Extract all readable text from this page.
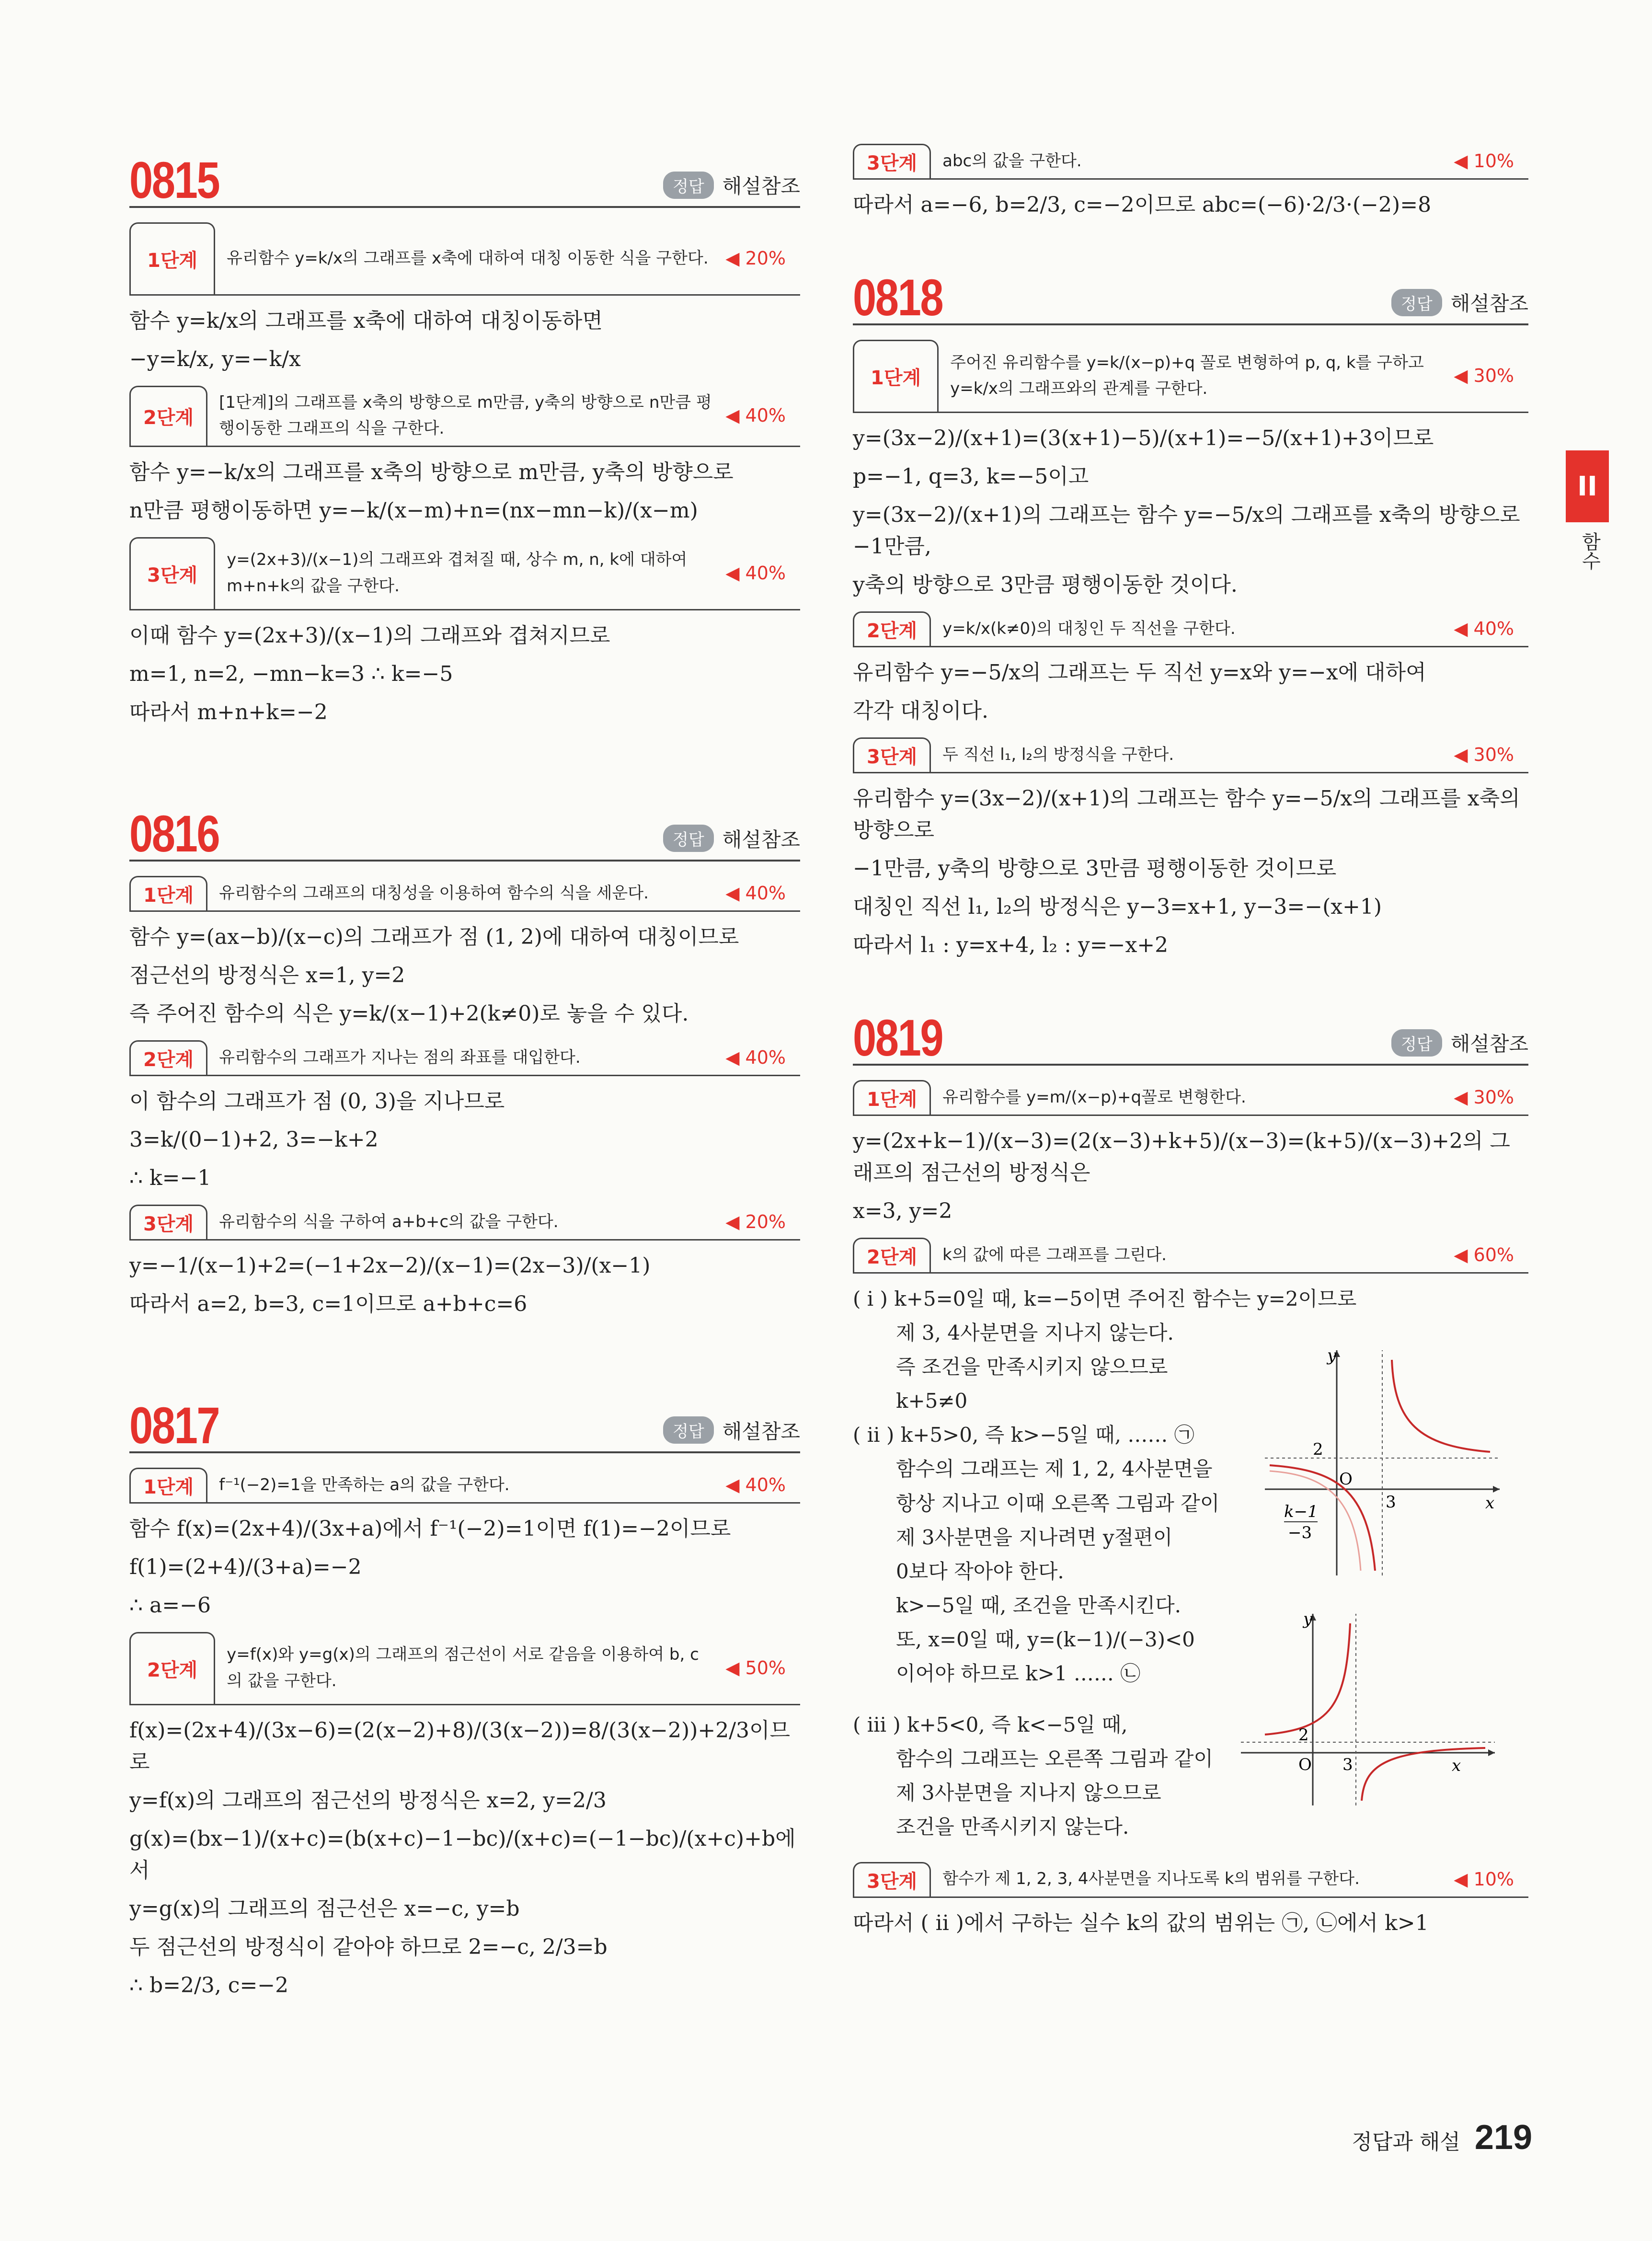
II
함수
0815	정답 해설참조
1단계	유리함수 y=k/x의 그래프를 x축에 대하여 대칭 이동한 식을 구한다. ◀ 20%
함수 y=k/x의 그래프를 x축에 대하여 대칭이동하면
−y=k/x, y=−k/x
2단계
[1단계]의 그래프를 x축의 방향으로 m만큼, y축의 방향으로 n만큼 평행이동한 그래프의 식을 구한다.
◀ 40%
함수 y=−k/x의 그래프를 x축의 방향으로 m만큼, y축의 방향으로
n만큼 평행이동하면 y=−k/(x−m)+n=(nx−mn−k)/(x−m)
3단계
y=(2x+3)/(x−1)의 그래프와 겹쳐질 때, 상수 m, n, k에 대하여 m+n+k의 값을 구한다.
◀ 40%
이때 함수 y=(2x+3)/(x−1)의 그래프와 겹쳐지므로
m=1, n=2, −mn−k=3 ∴ k=−5
따라서 m+n+k=−2
0816	정답 해설참조
1단계	유리함수의 그래프의 대칭성을 이용하여 함수의 식을 세운다.	◀ 40%
함수 y=(ax−b)/(x−c)의 그래프가 점 (1, 2)에 대하여 대칭이므로
점근선의 방정식은 x=1, y=2
즉 주어진 함수의 식은 y=k/(x−1)+2(k≠0)로 놓을 수 있다.
2단계	유리함수의 그래프가 지나는 점의 좌표를 대입한다.	◀ 40%
이 함수의 그래프가 점 (0, 3)을 지나므로
3=k/(0−1)+2, 3=−k+2
∴ k=−1
3단계	유리함수의 식을 구하여 a+b+c의 값을 구한다.	◀ 20%
y=−1/(x−1)+2=(−1+2x−2)/(x−1)=(2x−3)/(x−1)
따라서 a=2, b=3, c=1이므로 a+b+c=6
0817	정답 해설참조
1단계	f⁻¹(−2)=1을 만족하는 a의 값을 구한다.	◀ 40%
함수 f(x)=(2x+4)/(3x+a)에서 f⁻¹(−2)=1이면 f(1)=−2이므로
f(1)=(2+4)/(3+a)=−2
∴ a=−6
2단계
y=f(x)와 y=g(x)의 그래프의 점근선이 서로 같음을 이용하여 b, c의 값을 구한다.
◀ 50%
f(x)=(2x+4)/(3x−6)=(2(x−2)+8)/(3(x−2))=8/(3(x−2))+2/3이므로
y=f(x)의 그래프의 점근선의 방정식은 x=2, y=2/3
g(x)=(bx−1)/(x+c)=(b(x+c)−1−bc)/(x+c)=(−1−bc)/(x+c)+b에서
y=g(x)의 그래프의 점근선은 x=−c, y=b
두 점근선의 방정식이 같아야 하므로 2=−c, 2/3=b
∴ b=2/3, c=−2
3단계	abc의 값을 구한다.	◀ 10%
따라서 a=−6, b=2/3, c=−2이므로 abc=(−6)·2/3·(−2)=8
0818	정답 해설참조
1단계
주어진 유리함수를 y=k/(x−p)+q 꼴로 변형하여 p, q, k를 구하고 y=k/x의 그래프와의 관계를 구한다.
◀ 30%
y=(3x−2)/(x+1)=(3(x+1)−5)/(x+1)=−5/(x+1)+3이므로
p=−1, q=3, k=−5이고
y=(3x−2)/(x+1)의 그래프는 함수 y=−5/x의 그래프를 x축의 방향으로 −1만큼,
y축의 방향으로 3만큼 평행이동한 것이다.
2단계	y=k/x(k≠0)의 대칭인 두 직선을 구한다.	◀ 40%
유리함수 y=−5/x의 그래프는 두 직선 y=x와 y=−x에 대하여
각각 대칭이다.
3단계	두 직선 l₁, l₂의 방정식을 구한다.	◀ 30%
유리함수 y=(3x−2)/(x+1)의 그래프는 함수 y=−5/x의 그래프를 x축의 방향으로
−1만큼, y축의 방향으로 3만큼 평행이동한 것이므로
대칭인 직선 l₁, l₂의 방정식은 y−3=x+1, y−3=−(x+1)
따라서 l₁ : y=x+4, l₂ : y=−x+2
0819	정답 해설참조
1단계	유리함수를 y=m/(x−p)+q꼴로 변형한다.	◀ 30%
y=(2x+k−1)/(x−3)=(2(x−3)+k+5)/(x−3)=(k+5)/(x−3)+2의 그래프의 점근선의 방정식은
x=3, y=2
2단계	k의 값에 따른 그래프를 그린다.	◀ 60%
( i ) k+5=0일 때, k=−5이면 주어진 함수는 y=2이므로
제 3, 4사분면을 지나지 않는다.
즉 조건을 만족시키지 않으므로
k+5≠0
( ii ) k+5>0, 즉 k>−5일 때, …… ㉠
함수의 그래프는 제 1, 2, 4사분면을
항상 지나고 이때 오른쪽 그림과 같이
제 3사분면을 지나려면 y절편이
0보다 작아야 한다.
k>−5일 때, 조건을 만족시킨다.
또, x=0일 때, y=(k−1)/(−3)<0
이어야 하므로 k>1 …… ㉡
( iii ) k+5<0, 즉 k<−5일 때,
함수의 그래프는 오른쪽 그림과 같이
제 3사분면을 지나지 않으므로
조건을 만족시키지 않는다.
y
x
2
O
3
k−1
−3
y
x
2
O 3
3단계	함수가 제 1, 2, 3, 4사분면을 지나도록 k의 범위를 구한다.	◀ 10%
따라서 ( ii )에서 구하는 실수 k의 값의 범위는 ㉠, ㉡에서 k>1
정답과 해설 219
